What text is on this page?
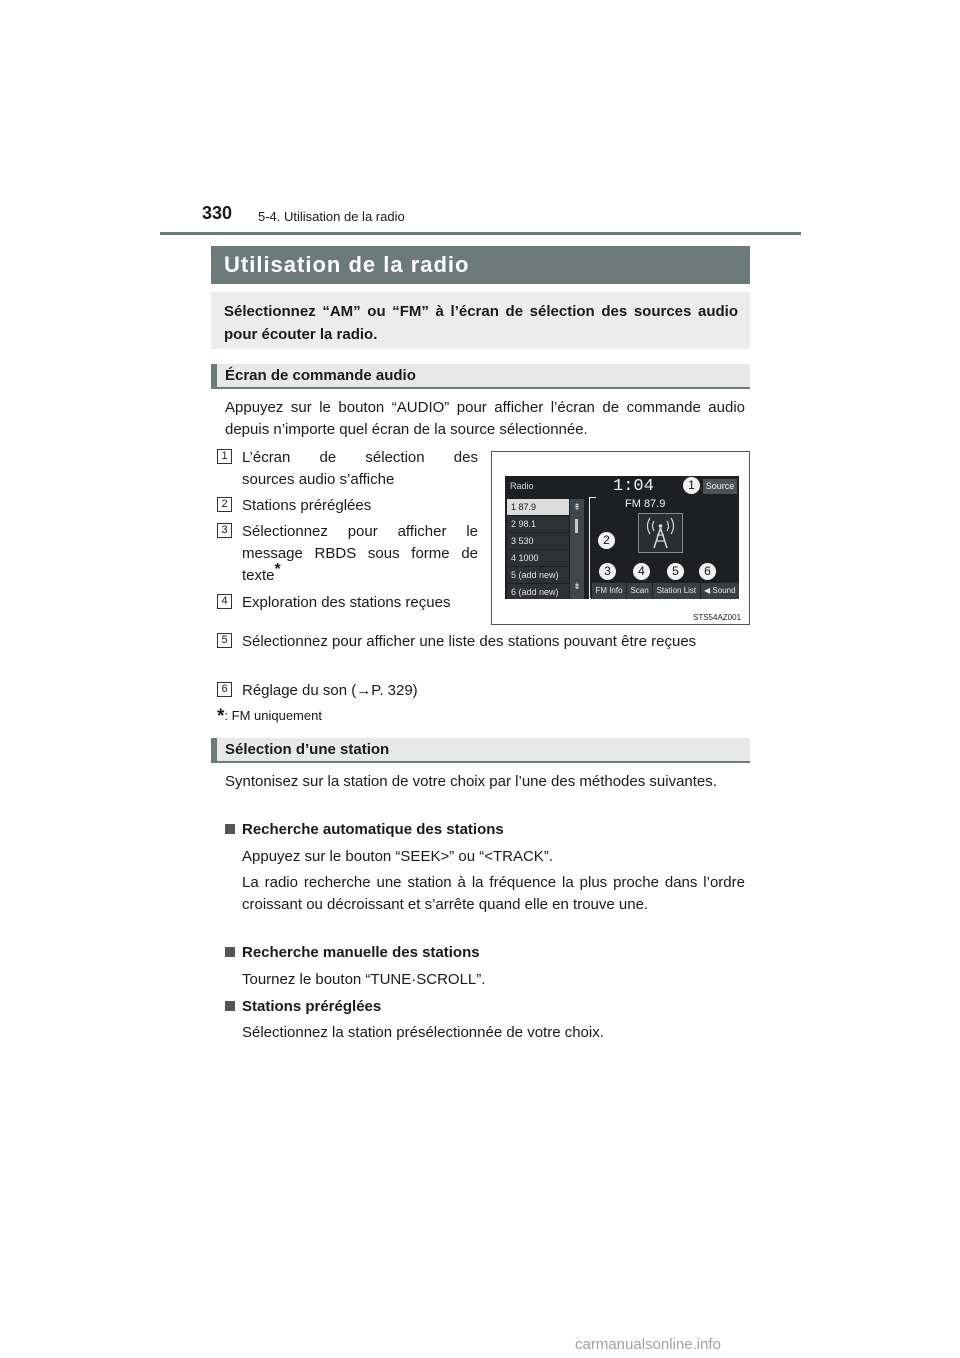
330 5-4. Utilisation de la radio
Utilisation de la radio
Sélectionnez “AM” ou “FM” à l’écran de sélection des sources audio pour écouter la radio.
Écran de commande audio
Appuyez sur le bouton “AUDIO” pour afficher l’écran de commande audio depuis n’importe quel écran de la source sélectionnée.
1 L’écran de sélection des
sources audio s’affiche
2 Stations préréglées
3 Sélectionnez pour afficher le
message RBDS sous forme de
texte*
4 Exploration des stations reçues
5 Sélectionnez pour afficher une liste des stations pouvant être reçues
6 Réglage du son (→P. 329)
*: FM uniquement
Radio	1:04	Source
1 87.9
2 98.1
3 530
4 1000
5 (add new)
6 (add new)
⇞
⇟
FM 87.9
FM Info Scan Station List ◀ Sound
1
2
3	4	5	6
STS54AZ001
Sélection d’une station
Syntonisez sur la station de votre choix par l’une des méthodes suivantes.
Recherche automatique des stations
Appuyez sur le bouton “SEEK>” ou “<TRACK”.
La radio recherche une station à la fréquence la plus proche dans l’ordre croissant ou décroissant et s’arrête quand elle en trouve une.
Recherche manuelle des stations
Tournez le bouton “TUNE·SCROLL”.
Stations préréglées
Sélectionnez la station présélectionnée de votre choix.
carmanualsonline.info
